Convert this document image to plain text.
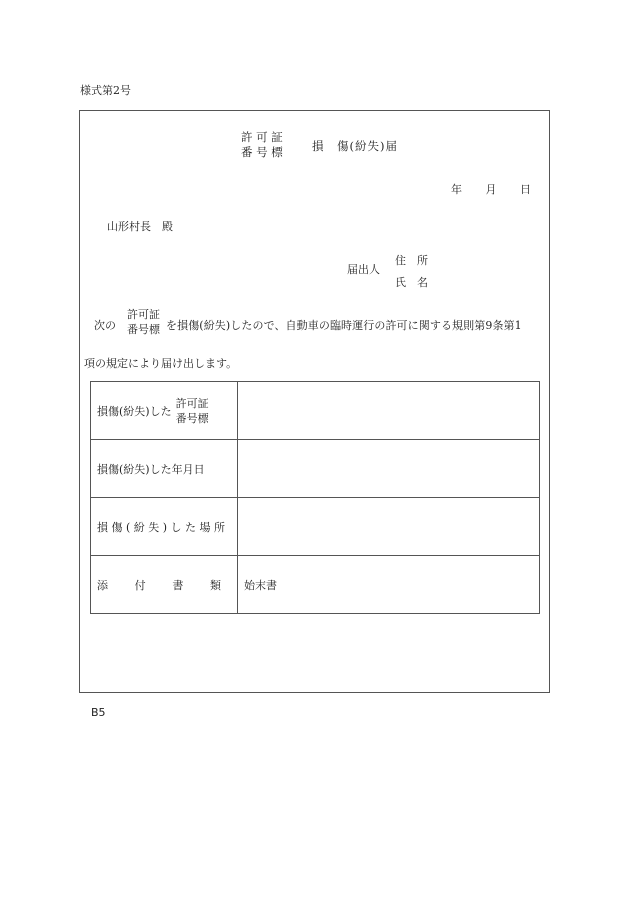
様式第2号
許 可 証
番 号 標	損　傷(紛失)届
年 月 日
山形村長　殿
届出人
住　所
氏　名
次の
許可証
番号標 を損傷(紛失)したので、自動車の臨時運行の許可に関する規則第9条第1
項の規定により届け出します。
損傷(紛失)した
許可証
番号標	

損傷(紛失)した年月日	
損 傷 ( 紛 失 ) し た 場 所	

添 付 書 類	始末書
B5
